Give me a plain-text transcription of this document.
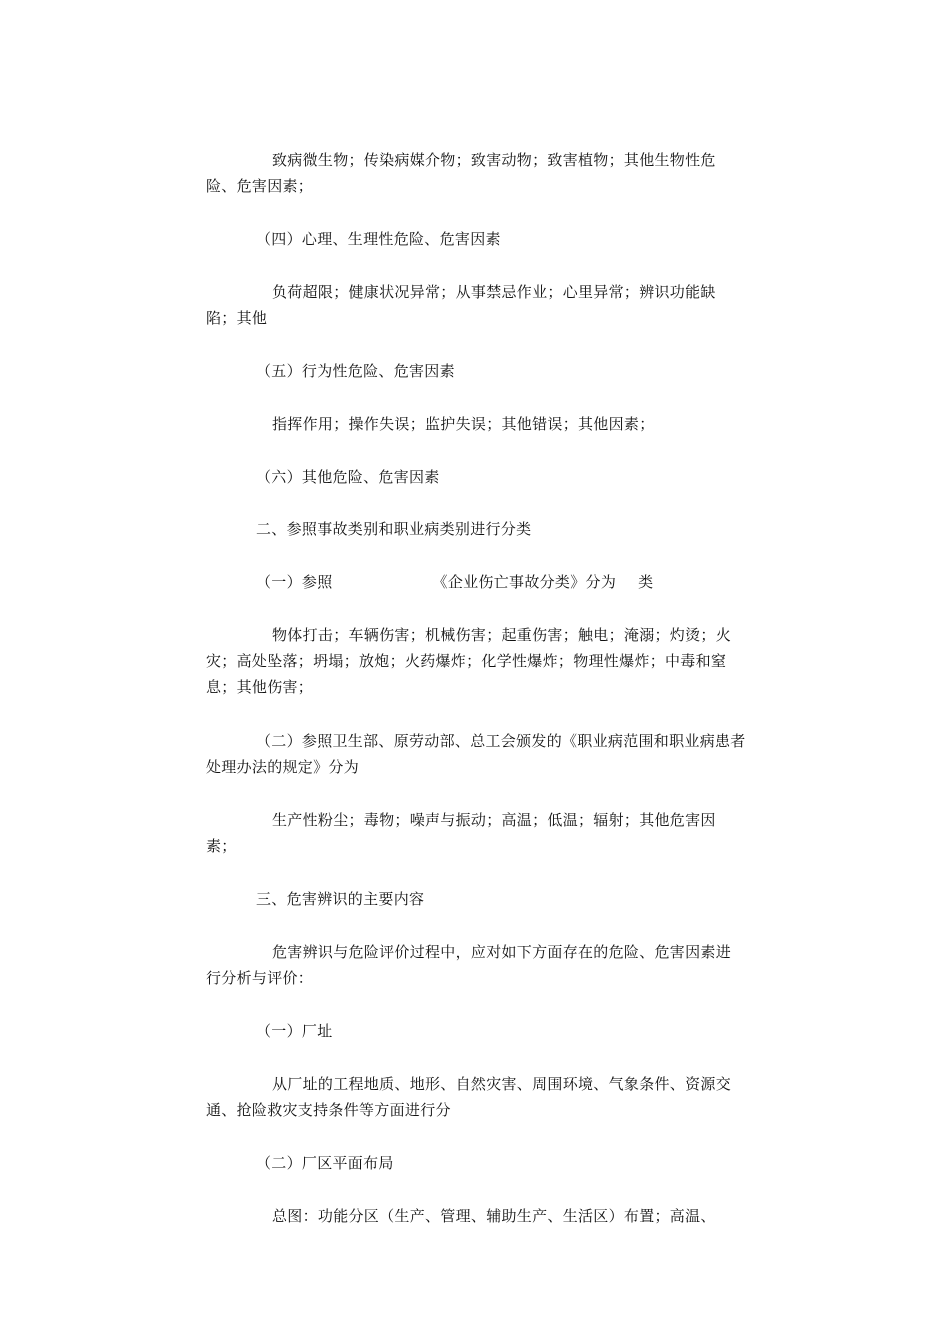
致病微生物；传染病媒介物；致害动物；致害植物；其他生物性危险、危害因素；
（四）心理、生理性危险、危害因素
负荷超限；健康状况异常；从事禁忌作业；心里异常；辨识功能缺陷；其他
（五）行为性危险、危害因素
指挥作用；操作失误；监护失误；其他错误；其他因素；
（六）其他危险、危害因素
二、参照事故类别和职业病类别进行分类
（一）参照	《企业伤亡事故分类》分为 类
物体打击；车辆伤害；机械伤害；起重伤害；触电；淹溺；灼烫；火灾；高处坠落；坍塌；放炮；火药爆炸；化学性爆炸；物理性爆炸；中毒和窒息；其他伤害；
（二）参照卫生部、原劳动部、总工会颁发的《职业病范围和职业病患者处理办法的规定》分为
生产性粉尘；毒物；噪声与振动；高温；低温；辐射；其他危害因素；
三、危害辨识的主要内容
危害辨识与危险评价过程中，应对如下方面存在的危险、危害因素进行分析与评价：
（一）厂址
从厂址的工程地质、地形、自然灾害、周围环境、气象条件、资源交通、抢险救灾支持条件等方面进行分
（二）厂区平面布局
总图：功能分区（生产、管理、辅助生产、生活区）布置；高温、
